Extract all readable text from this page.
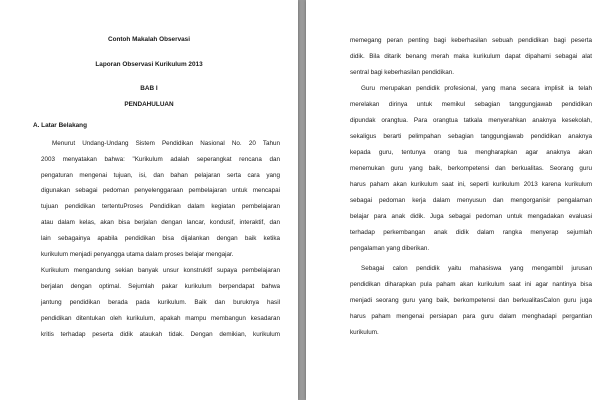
Contoh Makalah Observasi
Laporan Observasi Kurikulum 2013
BAB I
PENDAHULUAN
A. Latar Belakang
Menurut Undang-Undang Sistem Pendidikan Nasional No. 20 Tahun
2003 menyatakan bahwa: "Kurikulum adalah seperangkat rencana dan
pengaturan mengenai tujuan, isi, dan bahan pelajaran serta cara yang
digunakan sebagai pedoman penyelenggaraan pembelajaran untuk mencapai
tujuan pendidikan tertentuProses Pendidikan dalam kegiatan pembelajaran
atau dalam kelas, akan bisa berjalan dengan lancar, kondusif, interaktif, dan
lain sebagainya apabila pendidikan bisa dijalankan dengan baik ketika
kurikulum menjadi penyangga utama dalam proses belajar mengajar.
Kurikulum mengandung sekian banyak unsur konstruktif supaya pembelajaran
berjalan dengan optimal. Sejumlah pakar kurikulum berpendapat bahwa
jantung pendidikan berada pada kurikulum. Baik dan buruknya hasil
pendidikan ditentukan oleh kurikulum, apakah mampu membangun kesadaran
kritis terhadap peserta didik ataukah tidak. Dengan demikian, kurikulum
memegang peran penting bagi keberhasilan sebuah pendidikan bagi peserta
didik. Bila ditarik benang merah maka kurikulum dapat dipahami sebagai alat
sentral bagi keberhasilan pendidikan.
Guru merupakan pendidik profesional, yang mana secara implisit ia telah
merelakan dirinya untuk memikul sebagian tanggungjawab pendidikan
dipundak orangtua. Para orangtua tatkala menyerahkan anaknya kesekolah,
sekaligus berarti pelimpahan sebagian tanggungjawab pendidikan anaknya
kepada guru, tentunya orang tua mengharapkan agar anaknya akan
menemukan guru yang baik, berkompetensi dan berkualitas. Seorang guru
harus paham akan kurikulum saat ini, seperti kurikulum 2013 karena kurikulum
sebagai pedoman kerja dalam menyusun dan mengorganisir pengalaman
belajar para anak didik. Juga sebagai pedoman untuk mengadakan evaluasi
terhadap perkembangan anak didik dalam rangka menyerap sejumlah
pengalaman yang diberikan.
Sebagai calon pendidik yaitu mahasiswa yang mengambil jurusan
pendidikan diharapkan pula paham akan kurikulum saat ini agar nantinya bisa
menjadi seorang guru yang baik, berkompetensi dan berkualitasCalon guru juga
harus paham mengenai persiapan para guru dalam menghadapi pergantian
kurikulum.
